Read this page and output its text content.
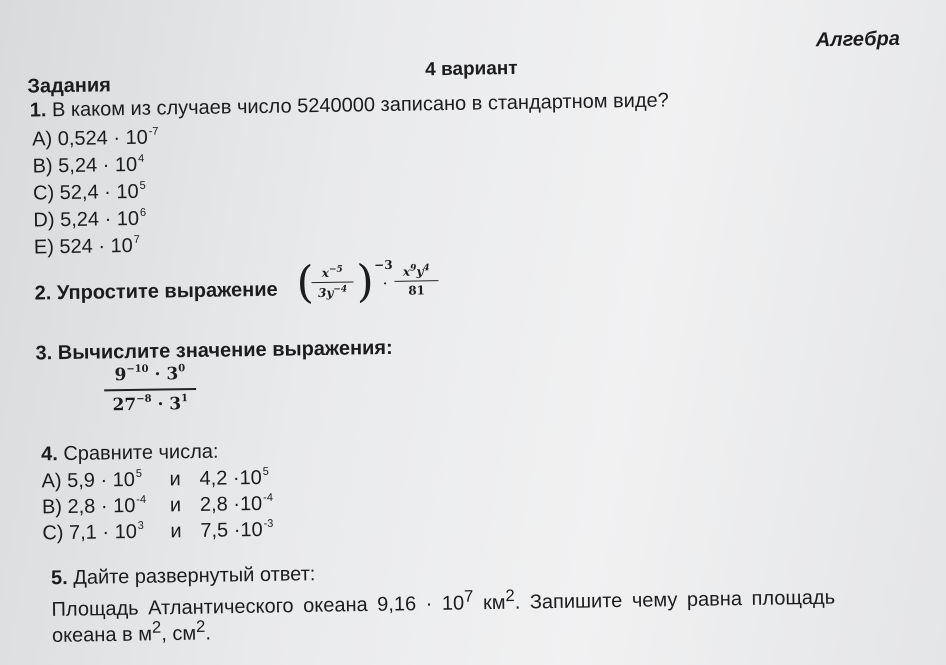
Алгебра
4 вариант
Задания
1. В каком из случаев число 5240000 записано в стандартном виде?
A) $0,524 \cdot 10^{-7}$
B) $5,24 \cdot 10^4$
C) $52,4 \cdot 10^5$
D) $5,24 \cdot 10^6$
E) $524 \cdot 10^7$
2. Упростите выражение ( $x^{-5}$
$3y^{-4}$ ) −3
·
$x^9y^4$
81
3. Вычислите значение выражения:
$9^{-10} \cdot 3^0$
$27^{-8} \cdot 3^1$
4. Сравните числа:
A) $5,9 \cdot 10^5$ и $4,2 \cdot 10^5$
B) $2,8 \cdot 10^{-4}$ и $2,8 \cdot 10^{-4}$
C) $7,1 \cdot 10^3$ и $7,5 \cdot 10^{-3}$
5. Дайте развернутый ответ:
Площадь Атлантического океана $9,16 \cdot 10^7$ $км^2$. Запишите чему равна площадь
океана в $м^2$, $см^2$.
